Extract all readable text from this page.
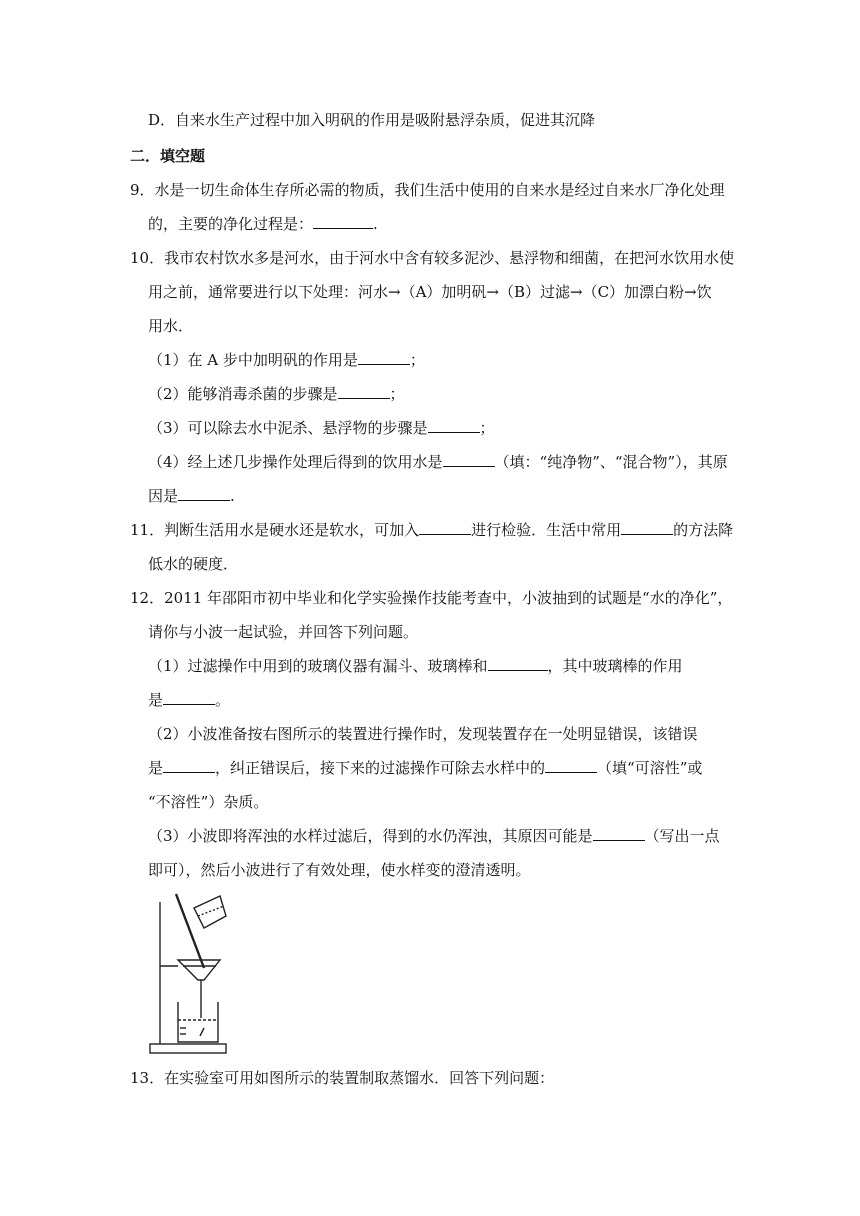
D．自来水生产过程中加入明矾的作用是吸附悬浮杂质，促进其沉降
二．填空题
9．水是一切生命体生存所必需的物质，我们生活中使用的自来水是经过自来水厂净化处理
的，主要的净化过程是：	.
10．我市农村饮水多是河水，由于河水中含有较多泥沙、悬浮物和细菌，在把河水饮用水使
用之前，通常要进行以下处理：河水→（A）加明矾→（B）过滤→（C）加漂白粉→饮
用水．
（1）在 A 步中加明矾的作用是	；
（2）能够消毒杀菌的步骤是	；
（3）可以除去水中泥杀、悬浮物的步骤是	；
（4）经上述几步操作处理后得到的饮用水是	（填：“纯净物”、“混合物”），其原
因是	.
11．判断生活用水是硬水还是软水，可加入	进行检验．生活中常用	的方法降
低水的硬度．
12．2011 年邵阳市初中毕业和化学实验操作技能考查中，小波抽到的试题是“水的净化”，
请你与小波一起试验，并回答下列问题。
（1）过滤操作中用到的玻璃仪器有漏斗、玻璃棒和	，其中玻璃棒的作用
是	。
（2）小波准备按右图所示的装置进行操作时，发现装置存在一处明显错误，该错误
是	，纠正错误后，接下来的过滤操作可除去水样中的	（填“可溶性”或
“不溶性”）杂质。
（3）小波即将浑浊的水样过滤后，得到的水仍浑浊，其原因可能是	（写出一点
即可），然后小波进行了有效处理，使水样变的澄清透明。
13．在实验室可用如图所示的装置制取蒸馏水．回答下列问题：
